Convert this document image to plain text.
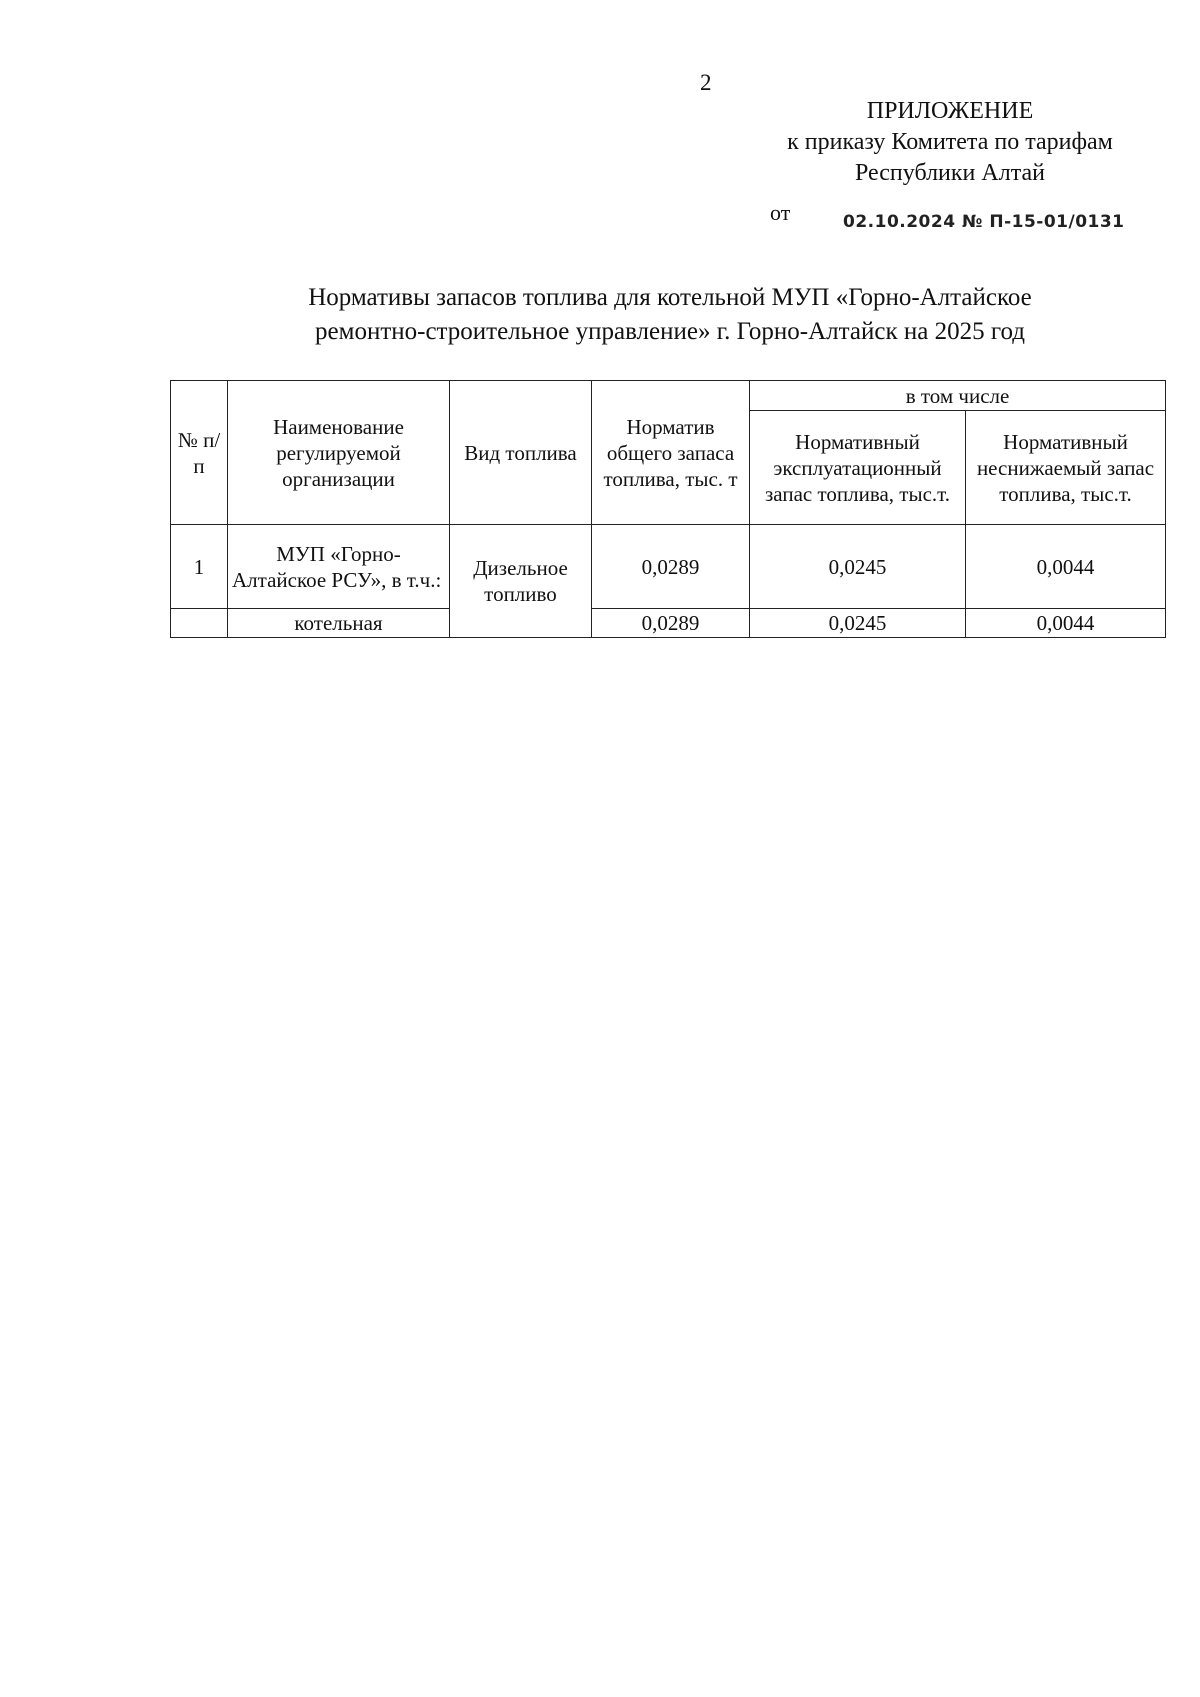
2
ПРИЛОЖЕНИЕ
к приказу Комитета по тарифам
Республики Алтай
от	02.10.2024 № П-15-01/0131
Нормативы запасов топлива для котельной МУП «Горно-Алтайское
ремонтно-строительное управление» г. Горно-Алтайск на 2025 год
№ п/п	Наименование регулируемой организации	Вид топлива	Норматив общего запаса топлива, тыс. т	в том числе	
				Нормативный эксплуатационный запас топлива, тыс.т.	Нормативный неснижаемый запас топлива, тыс.т.
1	МУП «Горно-Алтайское РСУ», в т.ч.:	Дизельное топливо	0,0289	0,0245	0,0044
	котельная		0,0289	0,0245	0,0044
